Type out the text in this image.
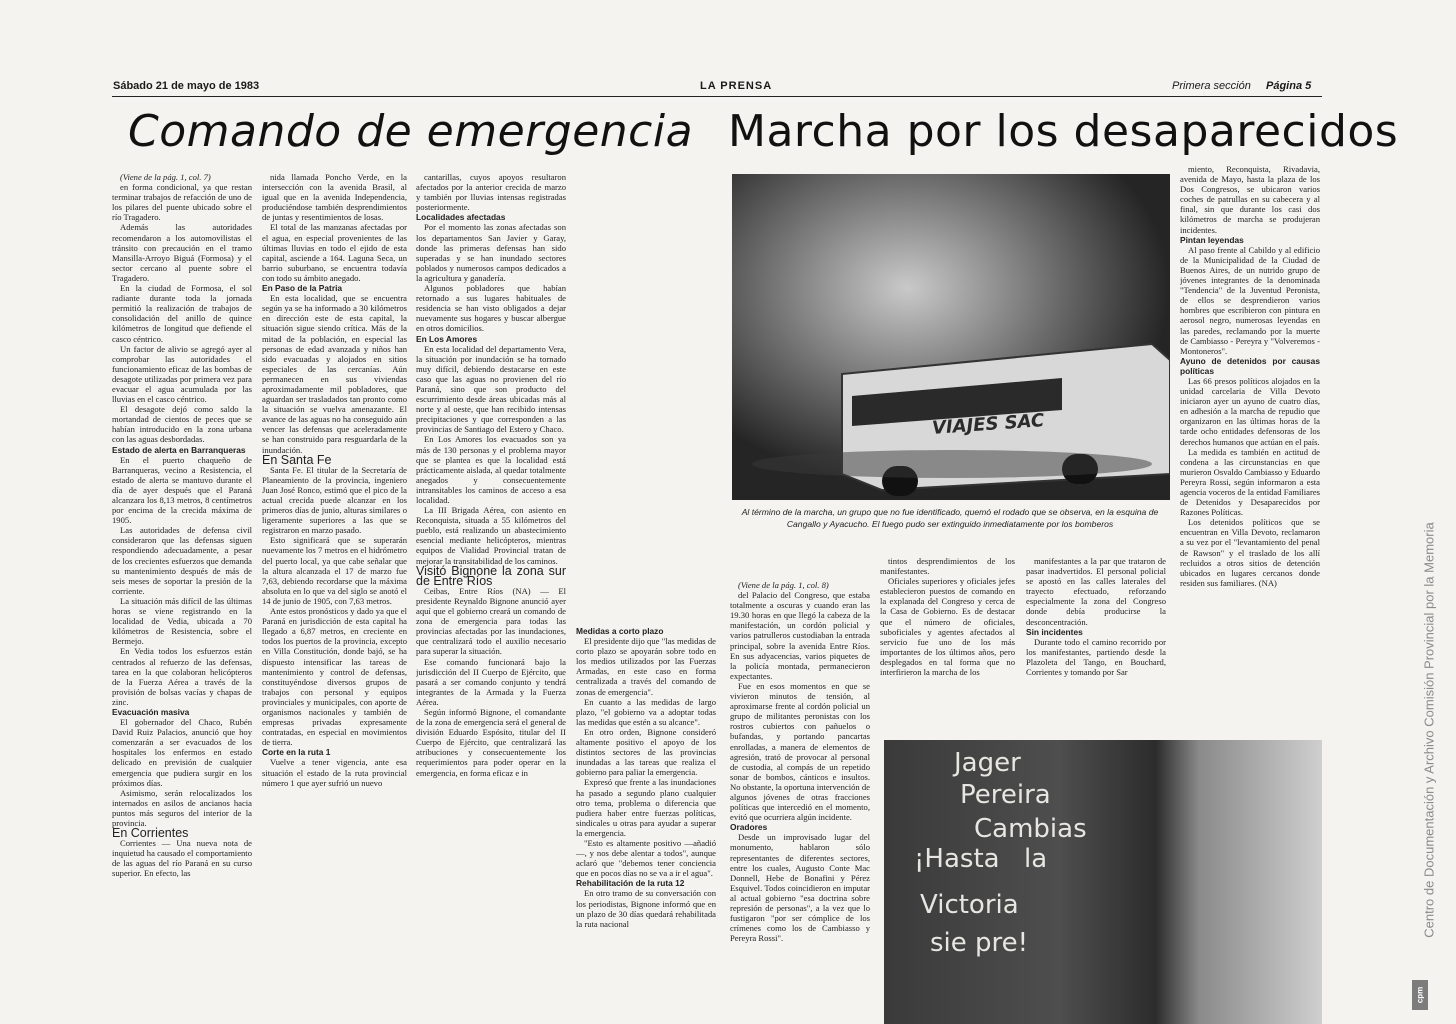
Sábado 21 de mayo de 1983	LA PRENSA	Primera sección Página 5
Comando de emergencia Marcha por los desaparecidos

(Viene de la pág. 1, col. 7)

en forma condicional, ya que restan terminar trabajos de refacción de uno de los pilares del puente ubicado sobre el río Tragadero.

Además las autoridades recomendaron a los automovilistas el tránsito con precaución en el tramo Mansilla-Arroyo Biguá (Formosa) y el sector cercano al puente sobre el Tragadero.

En la ciudad de Formosa, el sol radiante durante toda la jornada permitió la realización de trabajos de consolidación del anillo de quince kilómetros de longitud que defiende el casco céntrico.

Un factor de alivio se agregó ayer al comprobar las autoridades el funcionamiento eficaz de las bombas de desagote utilizadas por primera vez para evacuar el agua acumulada por las lluvias en el casco céntrico.

El desagote dejó como saldo la mortandad de cientos de peces que se habían introducido en la zona urbana con las aguas desbordadas.

Estado de alerta en Barranqueras

En el puerto chaqueño de Barranqueras, vecino a Resistencia, el estado de alerta se mantuvo durante el día de ayer después que el Paraná alcanzara los 8,13 metros, 8 centímetros por encima de la crecida máxima de 1905.

Las autoridades de defensa civil consideraron que las defensas siguen respondiendo adecuadamente, a pesar de los crecientes esfuerzos que demanda su mantenimiento después de más de seis meses de soportar la presión de la corriente.

La situación más difícil de las últimas horas se viene registrando en la localidad de Vedia, ubicada a 70 kilómetros de Resistencia, sobre el Bermejo.

En Vedia todos los esfuerzos están centrados al refuerzo de las defensas, tarea en la que colaboran helicópteros de la Fuerza Aérea a través de la provisión de bolsas vacías y chapas de zinc.

Evacuación masiva

El gobernador del Chaco, Rubén David Ruiz Palacios, anunció que hoy comenzarán a ser evacuados de los hospitales los enfermos en estado delicado en previsión de cualquier emergencia que pudiera surgir en los próximos días.

Asimismo, serán relocalizados los internados en asilos de ancianos hacia puntos más seguros del interior de la provincia.

En Corrientes

Corrientes — Una nueva nota de inquietud ha causado el comportamiento de las aguas del río Paraná en su curso superior. En efecto, las

nida llamada Poncho Verde, en la intersección con la avenida Brasil, al igual que en la avenida Independencia, produciéndose también desprendimientos de juntas y resentimientos de losas.

El total de las manzanas afectadas por el agua, en especial provenientes de las últimas lluvias en todo el ejido de esta capital, asciende a 164. Laguna Seca, un barrio suburbano, se encuentra todavía con todo su ámbito anegado.

En Paso de la Patria

En esta localidad, que se encuentra según ya se ha informado a 30 kilómetros en dirección este de esta capital, la situación sigue siendo crítica. Más de la mitad de la población, en especial las personas de edad avanzada y niños han sido evacuadas y alojados en sitios especiales de las cercanías. Aún permanecen en sus viviendas aproximadamente mil pobladores, que aguardan ser trasladados tan pronto como la situación se vuelva amenazante. El avance de las aguas no ha conseguido aún vencer las defensas que aceleradamente se han construido para resguardarla de la inundación.

En Santa Fe

Santa Fe. El titular de la Secretaría de Planeamiento de la provincia, ingeniero Juan José Ronco, estimó que el pico de la actual crecida puede alcanzar en los primeros días de junio, alturas similares o ligeramente superiores a las que se registraron en marzo pasado.

Esto significará que se superarán nuevamente los 7 metros en el hidrómetro del puerto local, ya que cabe señalar que la altura alcanzada el 17 de marzo fue 7,63, debiendo recordarse que la máxima absoluta en lo que va del siglo se anotó el 14 de junio de 1905, con 7,63 metros.

Ante estos pronósticos y dado ya que el Paraná en jurisdicción de esta capital ha llegado a 6,87 metros, en creciente en todos los puertos de la provincia, excepto en Villa Constitución, donde bajó, se ha dispuesto intensificar las tareas de mantenimiento y control de defensas, constituyéndose diversos grupos de trabajos con personal y equipos provinciales y municipales, con aporte de organismos nacionales y también de empresas privadas expresamente contratadas, en especial en movimientos de tierra.

Corte en la ruta 1

Vuelve a tener vigencia, ante esa situación el estado de la ruta provincial número 1 que ayer sufrió un nuevo

cantarillas, cuyos apoyos resultaron afectados por la anterior crecida de marzo y también por lluvias intensas registradas posteriormente.

Localidades afectadas

Por el momento las zonas afectadas son los departamentos San Javier y Garay, donde las primeras defensas han sido superadas y se han inundado sectores poblados y numerosos campos dedicados a la agricultura y ganadería.

Algunos pobladores que habían retornado a sus lugares habituales de residencia se han visto obligados a dejar nuevamente sus hogares y buscar albergue en otros domicilios.

En Los Amores

En esta localidad del departamento Vera, la situación por inundación se ha tornado muy difícil, debiendo destacarse en este caso que las aguas no provienen del río Paraná, sino que son producto del escurrimiento desde áreas ubicadas más al norte y al oeste, que han recibido intensas precipitaciones y que corresponden a las provincias de Santiago del Estero y Chaco.

En Los Amores los evacuados son ya más de 130 personas y el problema mayor que se plantea es que la localidad está prácticamente aislada, al quedar totalmente anegados y consecuentemente intransitables los caminos de acceso a esa localidad.

La III Brigada Aérea, con asiento en Reconquista, situada a 55 kilómetros del pueblo, está realizando un abastecimiento esencial mediante helicópteros, mientras equipos de Vialidad Provincial tratan de mejorar la transitabilidad de los caminos.

Visitó Bignone la zona sur de Entre Ríos

Ceibas, Entre Ríos (NA) — El presidente Reynaldo Bignone anunció ayer aquí que el gobierno creará un comando de zona de emergencia para todas las provincias afectadas por las inundaciones, que centralizará todo el auxilio necesario para superar la situación.

Ese comando funcionará bajo la jurisdicción del II Cuerpo de Ejército, que pasará a ser comando conjunto y tendrá integrantes de la Armada y la Fuerza Aérea.

Según informó Bignone, el comandante de la zona de emergencia será el general de división Eduardo Espósito, titular del II Cuerpo de Ejército, que centralizará las atribuciones y consecuentemente los requerimientos para poder operar en la emergencia, en forma eficaz e in

Medidas a corto plazo

El presidente dijo que "las medidas de corto plazo se apoyarán sobre todo en los medios utilizados por las Fuerzas Armadas, en este caso en forma centralizada a través del comando de zonas de emergencia".

En cuanto a las medidas de largo plazo, "el gobierno va a adoptar todas las medidas que estén a su alcance".

En otro orden, Bignone consideró altamente positivo el apoyo de los distintos sectores de las provincias inundadas a las tareas que realiza el gobierno para paliar la emergencia.

Expresó que frente a las inundaciones ha pasado a segundo plano cualquier otro tema, problema o diferencia que pudiera haber entre fuerzas políticas, sindicales u otras para ayudar a superar la emergencia.

"Esto es altamente positivo —añadió—, y nos debe alentar a todos", aunque aclaró que "debemos tener conciencia que en pocos días no se va a ir el agua".

Rehabilitación de la ruta 12

En otro tramo de su conversación con los periodistas, Bignone informó que en un plazo de 30 días quedará rehabilitada la ruta nacional

VIAJES SAC
Al término de la marcha, un grupo que no fue identificado, quemó el rodado que se observa, en la esquina de Cangallo y Ayacucho. El fuego pudo ser extinguido inmediatamente por los bomberos

(Viene de la pág. 1, col. 8)

del Palacio del Congreso, que estaba totalmente a oscuras y cuando eran las 19.30 horas en que llegó la cabeza de la manifestación, un cordón policial y varios patrulleros custodiaban la entrada principal, sobre la avenida Entre Ríos. En sus adyacencias, varios piquetes de la policía montada, permanecieron expectantes.

Fue en esos momentos en que se vivieron minutos de tensión, al aproximarse frente al cordón policial un grupo de militantes peronistas con los rostros cubiertos con pañuelos o bufandas, y portando pancartas enrolladas, a manera de elementos de agresión, trató de provocar al personal de custodia, al compás de un repetido sonar de bombos, cánticos e insultos. No obstante, la oportuna intervención de algunos jóvenes de otras fracciones políticas que intercedió en el momento, evitó que ocurriera algún incidente.

Oradores

Desde un improvisado lugar del monumento, hablaron sólo representantes de diferentes sectores, entre los cuales, Augusto Conte Mac Donnell, Hebe de Bonafini y Pérez Esquivel. Todos coincidieron en imputar al actual gobierno "esa doctrina sobre represión de personas", a la vez que lo fustigaron "por ser cómplice de los crímenes como los de Cambiasso y Pereyra Rossi".

tintos desprendimientos de los manifestantes.

Oficiales superiores y oficiales jefes establecieron puestos de comando en la explanada del Congreso y cerca de la Casa de Gobierno. Es de destacar que el número de oficiales, suboficiales y agentes afectados al servicio fue uno de los más importantes de los últimos años, pero desplegados en tal forma que no interfirieron la marcha de los

manifestantes a la par que trataron de pasar inadvertidos. El personal policial se apostó en las calles laterales del trayecto efectuado, reforzando especialmente la zona del Congreso donde debía producirse la desconcentración.

Sin incidentes

Durante todo el camino recorrido por los manifestantes, partiendo desde la Plazoleta del Tango, en Bouchard, Corrientes y tomando por Sar

Jager
Pereira
Cambias
¡Hasta la
Victoria
sie pre!

miento, Reconquista, Rivadavia, avenida de Mayo, hasta la plaza de los Dos Congresos, se ubicaron varios coches de patrullas en su cabecera y al final, sin que durante los casi dos kilómetros de marcha se produjeran incidentes.

Pintan leyendas

Al paso frente al Cabildo y al edificio de la Municipalidad de la Ciudad de Buenos Aires, de un nutrido grupo de jóvenes integrantes de la denominada "Tendencia" de la Juventud Peronista, de ellos se desprendieron varios hombres que escribieron con pintura en aerosol negro, numerosas leyendas en las paredes, reclamando por la muerte de Cambiasso - Pereyra y "Volveremos - Montoneros".

Ayuno de detenidos por causas políticas

Las 66 presos políticos alojados en la unidad carcelaria de Villa Devoto iniciaron ayer un ayuno de cuatro días, en adhesión a la marcha de repudio que organizaron en las últimas horas de la tarde ocho entidades defensoras de los derechos humanos que actúan en el país.

La medida es también en actitud de condena a las circunstancias en que murieron Osvaldo Cambiasso y Eduardo Pereyra Rossi, según informaron a esta agencia voceros de la entidad Familiares de Detenidos y Desaparecidos por Razones Políticas.

Los detenidos políticos que se encuentran en Villa Devoto, reclamaron a su vez por el "levantamiento del penal de Rawson" y el traslado de los allí recluidos a otros sitios de detención ubicados en lugares cercanos donde residen sus familiares. (NA)	Centro de Documentación y Archivo Comisión Provincial por la Memoria
cpm
